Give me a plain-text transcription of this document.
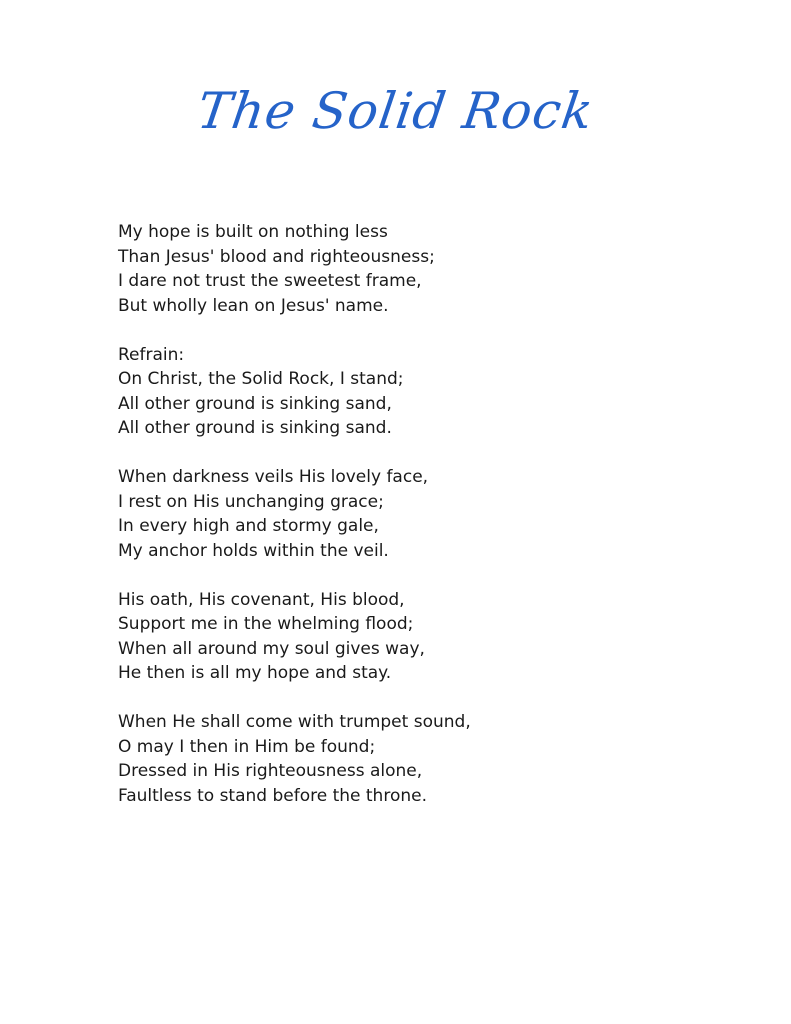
The Solid Rock
My hope is built on nothing less
Than Jesus' blood and righteousness;
I dare not trust the sweetest frame,
But wholly lean on Jesus' name.
Refrain:
On Christ, the Solid Rock, I stand;
All other ground is sinking sand,
All other ground is sinking sand.
When darkness veils His lovely face,
I rest on His unchanging grace;
In every high and stormy gale,
My anchor holds within the veil.
His oath, His covenant, His blood,
Support me in the whelming flood;
When all around my soul gives way,
He then is all my hope and stay.
When He shall come with trumpet sound,
O may I then in Him be found;
Dressed in His righteousness alone,
Faultless to stand before the throne.
